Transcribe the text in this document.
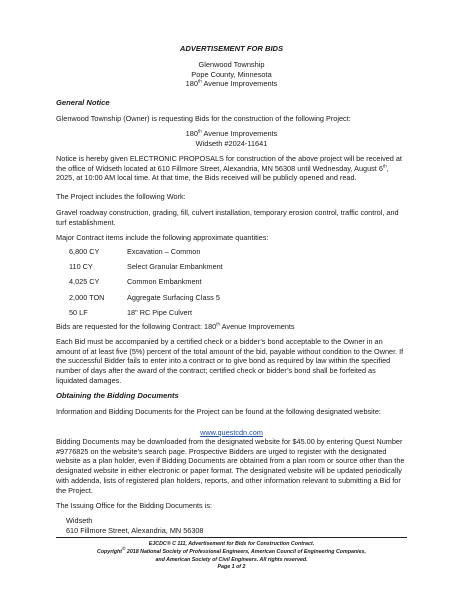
ADVERTISEMENT FOR BIDS

Glenwood Township

Pope County, Minnesota

180th Avenue Improvements

General Notice

Glenwood Township (Owner) is requesting Bids for the construction of the following Project:

180th Avenue Improvements

Widseth #2024-11641

Notice is hereby given ELECTRONIC PROPOSALS for construction of the above project will be received at the office of Widseth located at 610 Fillmore Street, Alexandria, MN 56308 until Wednesday, August 6th, 2025, at 10:00 AM local time. At that time, the Bids received will be publicly opened and read.

The Project includes the following Work:

Gravel roadway construction, grading, fill, culvert installation, temporary erosion control, traffic control, and turf establishment.

Major Contract items include the following approximate quantities:

6,800 CY	Excavation – Common
110 CY	Select Granular Embankment
4,025 CY	Common Embankment
2,000 TON	Aggregate Surfacing Class 5
50 LF	18" RC Pipe Culvert

Bids are requested for the following Contract: 180th Avenue Improvements

Each Bid must be accompanied by a certified check or a bidder’s bond acceptable to the Owner in an amount of at least five (5%) percent of the total amount of the bid, payable without condition to the Owner. If the successful Bidder fails to enter into a contract or to give bond as required by law within the specified number of days after the award of the contract; certified check or bidder’s bond shall be forfeited as liquidated damages.

Obtaining the Bidding Documents

Information and Bidding Documents for the Project can be found at the following designated website:

www.questcdn.com

Bidding Documents may be downloaded from the designated website for $45.00 by entering Quest Number #9776825 on the website’s search page. Prospective Bidders are urged to register with the designated website as a plan holder, even if Bidding Documents are obtained from a plan room or source other than the designated website in either electronic or paper format. The designated website will be updated periodically with addenda, lists of registered plan holders, reports, and other information relevant to submitting a Bid for the Project.

The Issuing Office for the Bidding Documents is:

Widseth

610 Fillmore Street, Alexandria, MN 56308

EJCDC® C 111, Advertisement for Bids for Construction Contract.
Copyright© 2018 National Society of Professional Engineers, American Council of Engineering Companies,
and American Society of Civil Engineers. All rights reserved.
Page 1 of 2
